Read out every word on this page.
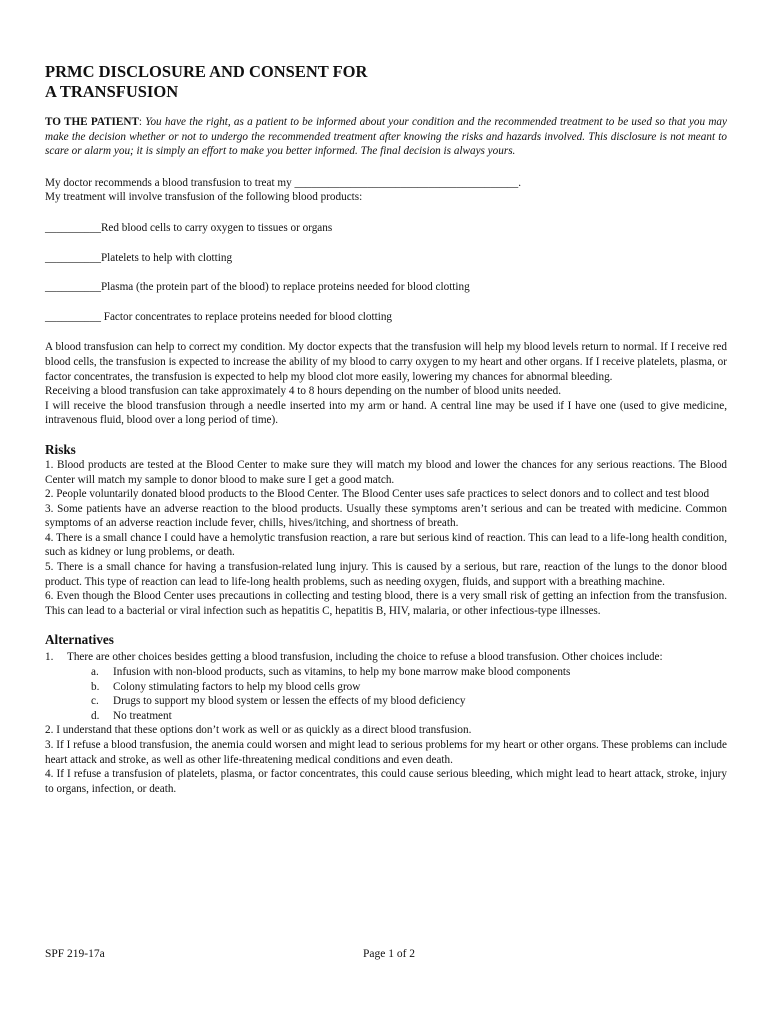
PRMC DISCLOSURE AND CONSENT FOR
A TRANSFUSION

TO THE PATIENT: You have the right, as a patient to be informed about your condition and the recommended treatment to be used so that you may make the decision whether or not to undergo the recommended treatment after knowing the risks and hazards involved. This disclosure is not meant to scare or alarm you; it is simply an effort to make you better informed. The final decision is always yours.

My doctor recommends a blood transfusion to treat my ________________________________________.

My treatment will involve transfusion of the following blood products:

__________Red blood cells to carry oxygen to tissues or organs
__________Platelets to help with clotting
__________Plasma (the protein part of the blood) to replace proteins needed for blood clotting
__________ Factor concentrates to replace proteins needed for blood clotting

A blood transfusion can help to correct my condition. My doctor expects that the transfusion will help my blood levels return to normal. If I receive red blood cells, the transfusion is expected to increase the ability of my blood to carry oxygen to my heart and other organs. If I receive platelets, plasma, or factor concentrates, the transfusion is expected to help my blood clot more easily, lowering my chances for abnormal bleeding.

Receiving a blood transfusion can take approximately 4 to 8 hours depending on the number of blood units needed.

I will receive the blood transfusion through a needle inserted into my arm or hand. A central line may be used if I have one (used to give medicine, intravenous fluid, blood over a long period of time).

Risks

1. Blood products are tested at the Blood Center to make sure they will match my blood and lower the chances for any serious reactions. The Blood Center will match my sample to donor blood to make sure I get a good match.

2. People voluntarily donated blood products to the Blood Center. The Blood Center uses safe practices to select donors and to collect and test blood

3. Some patients have an adverse reaction to the blood products. Usually these symptoms aren’t serious and can be treated with medicine. Common symptoms of an adverse reaction include fever, chills, hives/itching, and shortness of breath.

4. There is a small chance I could have a hemolytic transfusion reaction, a rare but serious kind of reaction. This can lead to a life-long health condition, such as kidney or lung problems, or death.

5. There is a small chance for having a transfusion-related lung injury. This is caused by a serious, but rare, reaction of the lungs to the donor blood product. This type of reaction can lead to life-long health problems, such as needing oxygen, fluids, and support with a breathing machine.

6. Even though the Blood Center uses precautions in collecting and testing blood, there is a very small risk of getting an infection from the transfusion. This can lead to a bacterial or viral infection such as hepatitis C, hepatitis B, HIV, malaria, or other infectious-type illnesses.

Alternatives
1. There are other choices besides getting a blood transfusion, including the choice to refuse a blood transfusion. Other choices include:
a. Infusion with non-blood products, such as vitamins, to help my bone marrow make blood components
b. Colony stimulating factors to help my blood cells grow
c. Drugs to support my blood system or lessen the effects of my blood deficiency
d. No treatment

2. I understand that these options don’t work as well or as quickly as a direct blood transfusion.

3. If I refuse a blood transfusion, the anemia could worsen and might lead to serious problems for my heart or other organs. These problems can include heart attack and stroke, as well as other life-threatening medical conditions and even death.

4. If I refuse a transfusion of platelets, plasma, or factor concentrates, this could cause serious bleeding, which might lead to heart attack, stroke, injury to organs, infection, or death.

SPF 219-17a	Page 1 of 2
